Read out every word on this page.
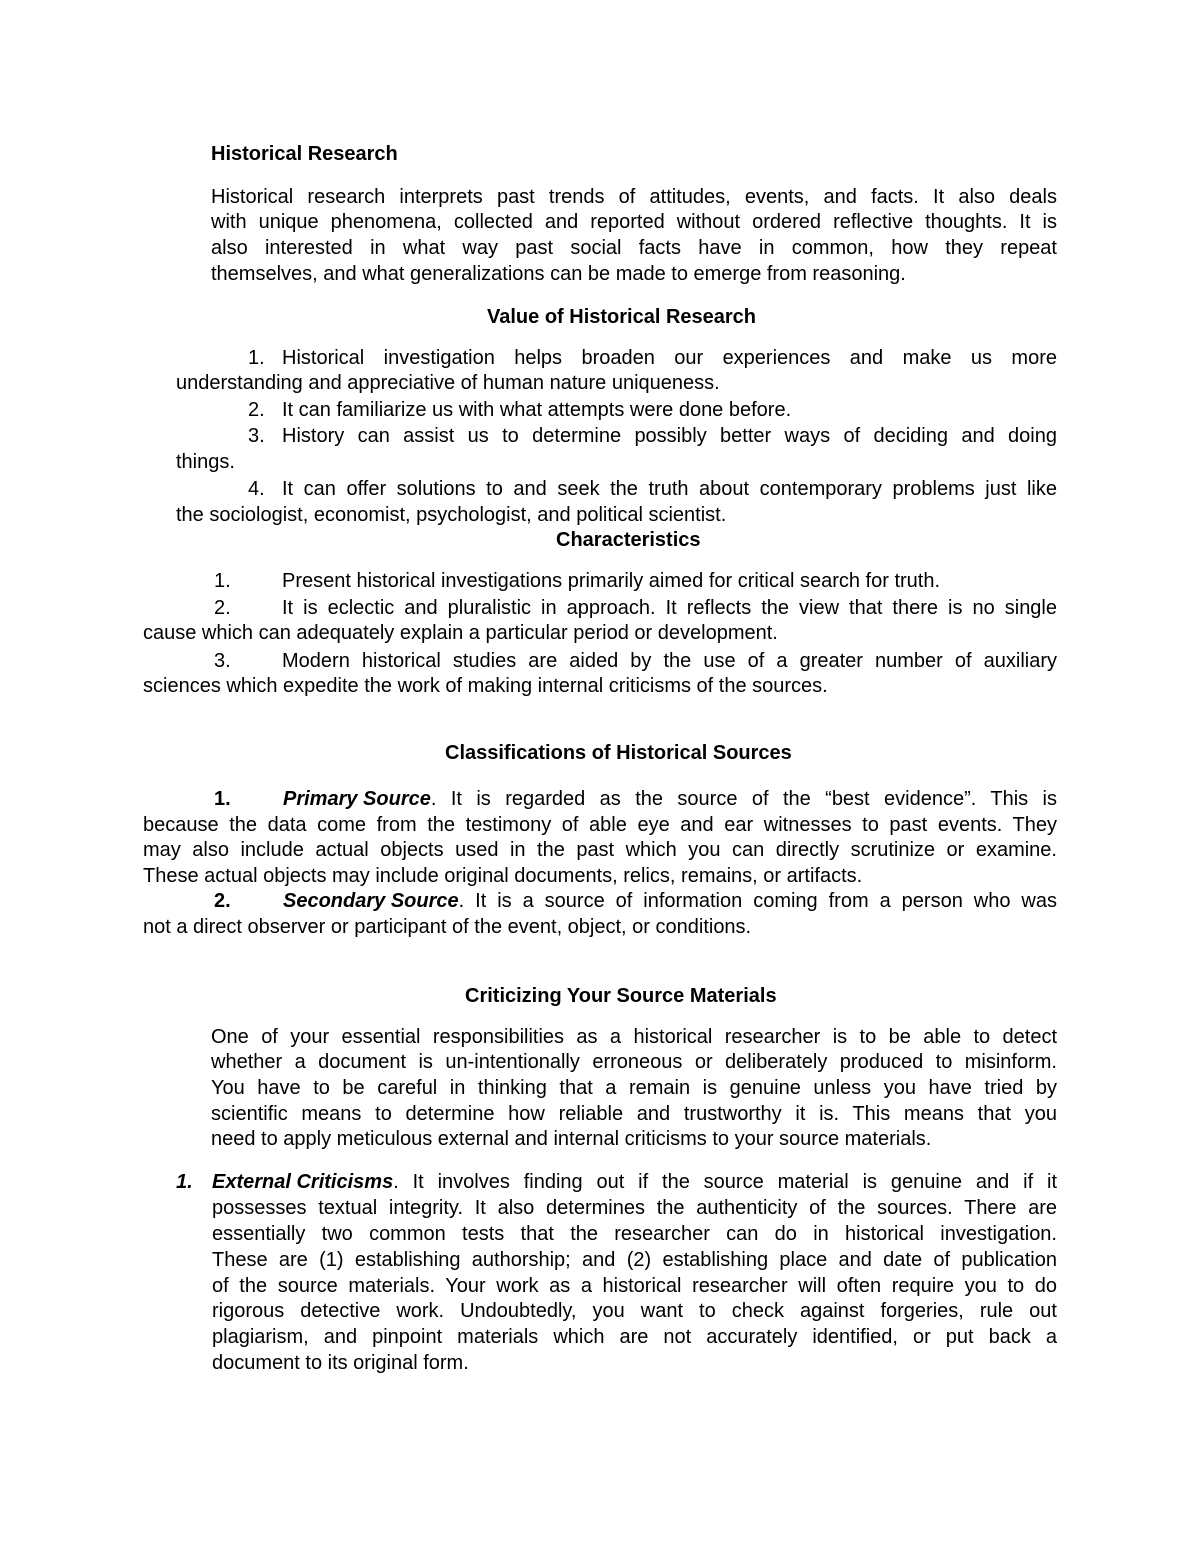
Historical Research
Historical research interprets past trends of attitudes, events, and facts. It also deals
with unique phenomena, collected and reported without ordered reflective thoughts. It is
also interested in what way past social facts have in common, how they repeat
themselves, and what generalizations can be made to emerge from reasoning.
Value of Historical Research
1. Historical investigation helps broaden our experiences and make us more
understanding and appreciative of human nature uniqueness.
2. It can familiarize us with what attempts were done before.
3. History can assist us to determine possibly better ways of deciding and doing
things.
4. It can offer solutions to and seek the truth about contemporary problems just like
the sociologist, economist, psychologist, and political scientist.
Characteristics
1.	Present historical investigations primarily aimed for critical search for truth.
2.	It is eclectic and pluralistic in approach. It reflects the view that there is no single
cause which can adequately explain a particular period or development.
3.	Modern historical studies are aided by the use of a greater number of auxiliary
sciences which expedite the work of making internal criticisms of the sources.
Classifications of Historical Sources
1.	Primary Source . It is regarded as the source of the “best evidence”. This is
because the data come from the testimony of able eye and ear witnesses to past events. They
may also include actual objects used in the past which you can directly scrutinize or examine.
These actual objects may include original documents, relics, remains, or artifacts.
2.	Secondary Source . It is a source of information coming from a person who was
not a direct observer or participant of the event, object, or conditions.
Criticizing Your Source Materials
One of your essential responsibilities as a historical researcher is to be able to detect
whether a document is un-intentionally erroneous or deliberately produced to misinform.
You have to be careful in thinking that a remain is genuine unless you have tried by
scientific means to determine how reliable and trustworthy it is. This means that you
need to apply meticulous external and internal criticisms to your source materials.
1. External Criticisms . It involves finding out if the source material is genuine and if it
possesses textual integrity. It also determines the authenticity of the sources. There are
essentially two common tests that the researcher can do in historical investigation.
These are (1) establishing authorship; and (2) establishing place and date of publication
of the source materials. Your work as a historical researcher will often require you to do
rigorous detective work. Undoubtedly, you want to check against forgeries, rule out
plagiarism, and pinpoint materials which are not accurately identified, or put back a
document to its original form.
